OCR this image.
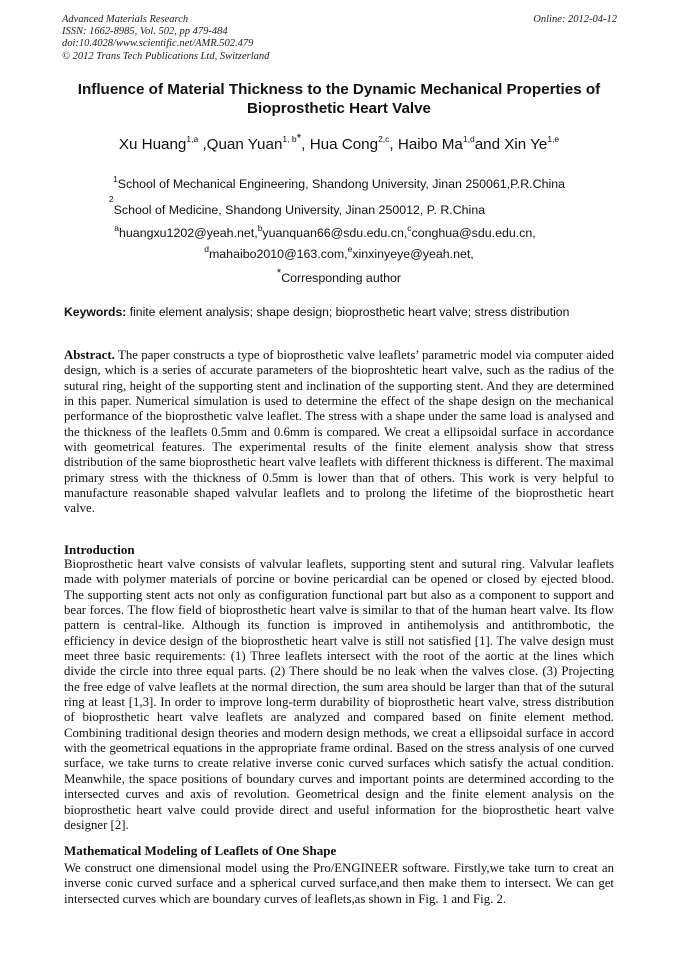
Advanced Materials Research
ISSN: 1662-8985, Vol. 502, pp 479-484
doi:10.4028/www.scientific.net/AMR.502.479
© 2012 Trans Tech Publications Ltd, Switzerland
Online: 2012-04-12
Influence of Material Thickness to the Dynamic Mechanical Properties of Bioprosthetic Heart Valve
Xu Huang$^{1,a}$ ,Quan Yuan$^{1, b*}$, Hua Cong$^{2,c}$, Haibo Ma$^{1,d}$and Xin Ye$^{1,e}$
$^1$School of Mechanical Engineering, Shandong University, Jinan 250061,P.R.China
$^2$School of Medicine, Shandong University, Jinan 250012, P. R.China
$^a$huangxu1202@yeah.net,$^b$yuanquan66@sdu.edu.cn,$^c$conghua@sdu.edu.cn,
$^d$mahaibo2010@163.com,$^e$xinxinyeye@yeah.net,
*Corresponding author
Keywords: finite element analysis; shape design; bioprosthetic heart valve; stress distribution
Abstract. The paper constructs a type of bioprosthetic valve leaflets’ parametric model via computer aided design, which is a series of accurate parameters of the bioproshtetic heart valve, such as the radius of the sutural ring, height of the supporting stent and inclination of the supporting stent. And they are determined in this paper. Numerical simulation is used to determine the effect of the shape design on the mechanical performance of the bioprosthetic valve leaflet. The stress with a shape under the same load is analysed and the thickness of the leaflets 0.5mm and 0.6mm is compared. We creat a ellipsoidal surface in accordance with geometrical features. The experimental results of the finite element analysis show that stress distribution of the same bioprosthetic heart valve leaflets with different thickness is different. The maximal primary stress with the thickness of 0.5mm is lower than that of others. This work is very helpful to manufacture reasonable shaped valvular leaflets and to prolong the lifetime of the bioprosthetic heart valve.
Introduction
Bioprosthetic heart valve consists of valvular leaflets, supporting stent and sutural ring. Valvular leaflets made with polymer materials of porcine or bovine pericardial can be opened or closed by ejected blood. The supporting stent acts not only as configuration functional part but also as a component to support and bear forces. The flow field of bioprosthetic heart valve is similar to that of the human heart valve. Its flow pattern is central-like. Although its function is improved in antihemolysis and antithrombotic, the efficiency in device design of the bioprosthetic heart valve is still not satisfied [1]. The valve design must meet three basic requirements: (1) Three leaflets intersect with the root of the aortic at the lines which divide the circle into three equal parts. (2) There should be no leak when the valves close. (3) Projecting the free edge of valve leaflets at the normal direction, the sum area should be larger than that of the sutural ring at least [1,3]. In order to improve long-term durability of bioprosthetic heart valve, stress distribution of bioprosthetic heart valve leaflets are analyzed and compared based on finite element method. Combining traditional design theories and modern design methods, we creat a ellipsoidal surface in accord with the geometrical equations in the appropriate frame ordinal. Based on the stress analysis of one curved surface, we take turns to create relative inverse conic curved surfaces which satisfy the actual condition. Meanwhile, the space positions of boundary curves and important points are determined according to the intersected curves and axis of revolution. Geometrical design and the finite element analysis on the bioprosthetic heart valve could provide direct and useful information for the bioprosthetic heart valve designer [2].
Mathematical Modeling of Leaflets of One Shape
We construct one dimensional model using the Pro/ENGINEER software. Firstly,we take turn to creat an inverse conic curved surface and a spherical curved surface,and then make them to intersect. We can get intersected curves which are boundary curves of leaflets,as shown in Fig. 1 and Fig. 2.
